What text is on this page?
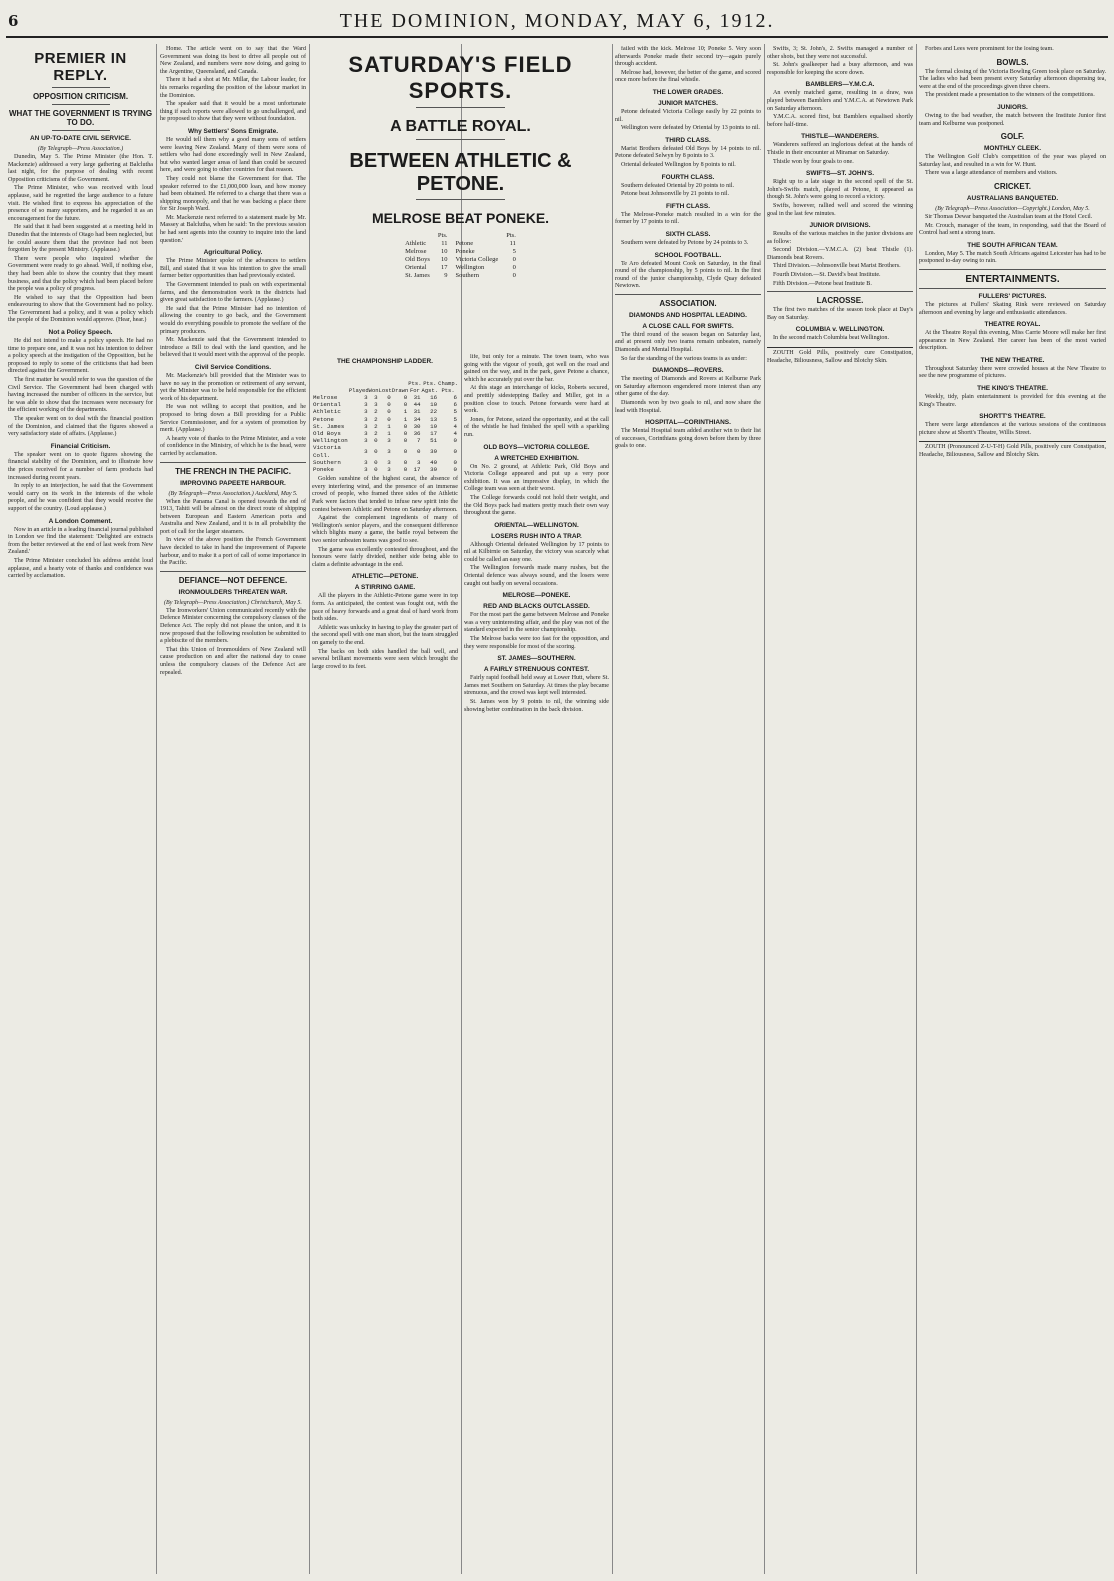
6	THE DOMINION, MONDAY, MAY 6, 1912.
PREMIER IN REPLY.
OPPOSITION CRITICISM.
WHAT THE GOVERNMENT IS TRYING TO DO.
AN UP-TO-DATE CIVIL SERVICE.
(By Telegraph—Press Association.)

Dunedin, May 5. The Prime Minister (the Hon. T. Mackenzie) addressed a very large gathering at Balclutha last night, for the purpose of dealing with recent Opposition criticisms of the Government.

The Prime Minister, who was received with loud applause, said he regretted the large audience to a future visit. He wished first to express his appreciation of the presence of so many supporters, and he regarded it as an encouragement for the future.

He said that it had been suggested at a meeting held in Dunedin that the interests of Otago had been neglected, but he could assure them that the province had not been forgotten by the present Ministry. (Applause.)

There were people who inquired whether the Government were ready to go ahead. Well, if nothing else, they had been able to show the country that they meant business, and that the policy which had been placed before the people was a policy of progress.

He wished to say that the Opposition had been endeavouring to show that the Government had no policy. The Government had a policy, and it was a policy which the people of the Dominion would approve. (Hear, hear.)

Not a Policy Speech.

He did not intend to make a policy speech. He had no time to prepare one, and it was not his intention to deliver a policy speech at the instigation of the Opposition, but he proposed to reply to some of the criticisms that had been directed against the Government.

The first matter he would refer to was the question of the Civil Service. The Government had been charged with having increased the number of officers in the service, but he was able to show that the increases were necessary for the efficient working of the departments.

The speaker went on to deal with the financial position of the Dominion, and claimed that the figures showed a very satisfactory state of affairs. (Applause.)

Financial Criticism.

The speaker went on to quote figures showing the financial stability of the Dominion, and to illustrate how the prices received for a number of farm products had increased during recent years.

In reply to an interjection, he said that the Government would carry on its work in the interests of the whole people, and he was confident that they would receive the support of the country. (Loud applause.)

A London Comment.

Now in an article in a leading financial journal published in London we find the statement: 'Delighted are extracts from the better reviewed at the end of last week from New Zealand.'

The Prime Minister concluded his address amidst loud applause, and a hearty vote of thanks and confidence was carried by acclamation.

Home. The article went on to say that the Ward Government was doing its best to drive all people out of New Zealand, and numbers were now doing, and going to the Argentine, Queensland, and Canada.

There it had a shot at Mr. Millar, the Labour leader, for his remarks regarding the position of the labour market in the Dominion.

The speaker said that it would be a most unfortunate thing if such reports were allowed to go unchallenged, and he proposed to show that they were without foundation.

Why Settlers' Sons Emigrate.

He would tell them why a good many sons of settlers were leaving New Zealand. Many of them were sons of settlers who had done exceedingly well in New Zealand, but who wanted larger areas of land than could be secured here, and were going to other countries for that reason.

They could not blame the Government for that. The speaker referred to the £1,000,000 loan, and how money had been obtained. He referred to a charge that there was a shipping monopoly, and that he was backing a place there for Sir Joseph Ward.

Mr. Mackenzie next referred to a statement made by Mr. Massey at Balclutha, when he said: 'In the previous session he had sent agents into the country to inquire into the land question.'

Agricultural Policy.

The Prime Minister spoke of the advances to settlers Bill, and stated that it was his intention to give the small farmer better opportunities than had previously existed.

The Government intended to push on with experimental farms, and the demonstration work in the districts had given great satisfaction to the farmers. (Applause.)

He said that the Prime Minister had no intention of allowing the country to go back, and the Government would do everything possible to promote the welfare of the primary producers.

Mr. Mackenzie said that the Government intended to introduce a Bill to deal with the land question, and he believed that it would meet with the approval of the people.

Civil Service Conditions.

Mr. Mackenzie's bill provided that the Minister was to have no say in the promotion or retirement of any servant, yet the Minister was to be held responsible for the efficient work of his department.

He was not willing to accept that position, and he proposed to bring down a Bill providing for a Public Service Commissioner, and for a system of promotion by merit. (Applause.)

A hearty vote of thanks to the Prime Minister, and a vote of confidence in the Ministry, of which he is the head, were carried by acclamation.

THE FRENCH IN THE PACIFIC.
IMPROVING PAPEETE HARBOUR.
(By Telegraph—Press Association.) Auckland, May 5.

When the Panama Canal is opened towards the end of 1913, Tahiti will be almost on the direct route of shipping between European and Eastern American ports and Australia and New Zealand, and it is in all probability the port of call for the larger steamers.

In view of the above position the French Government have decided to take in hand the improvement of Papeete harbour, and to make it a port of call of some importance in the Pacific.

DEFIANCE—NOT DEFENCE.
IRONMOULDERS THREATEN WAR.
(By Telegraph—Press Association.) Christchurch, May 5.

The Ironworkers' Union communicated recently with the Defence Minister concerning the compulsory clauses of the Defence Act. The reply did not please the union, and it is now proposed that the following resolution be submitted to a plebiscite of the members.

That this Union of Ironmoulders of New Zealand will cause production on and after the national day to cease unless the compulsory clauses of the Defence Act are repealed.

SATURDAY'S FIELD SPORTS.
A BATTLE ROYAL.
BETWEEN ATHLETIC & PETONE.
MELROSE BEAT PONEKE.
	Pts.		Pts.
Athletic	11	Petone	11
Melrose	10	Poneke	5
Old Boys	10	Victoria College	0
Oriental	17	Wellington	0
St. James	9	Southern	0
THE CHAMPIONSHIP LADDER.
	Played	Won	Lost	Drawn	Pts. For	Pts. Agst.	Champ. Pts.
Melrose	3	3	0	0	31	16	6
Oriental	3	3	0	0	44	10	6
Athletic	3	2	0	1	31	22	5
Petone	3	2	0	1	34	13	5
St. James	3	2	1	0	30	19	4
Old Boys	3	2	1	0	36	17	4
Wellington	3	0	3	0	7	51	0
Victoria Coll.	3	0	3	0	0	39	0
Southern	3	0	3	0	3	49	0
Poneke	3	0	3	0	17	39	0

Golden sunshine of the highest carat, the absence of every interfering wind, and the presence of an immense crowd of people, who framed three sides of the Athletic Park were factors that tended to infuse new spirit into the contest between Athletic and Petone on Saturday afternoon.

Against the complement ingredients of many of Wellington's senior players, and the consequent difference which blights many a game, the battle royal between the two senior unbeaten teams was good to see.

The game was excellently contested throughout, and the honours were fairly divided, neither side being able to claim a definite advantage in the end.

ATHLETIC—PETONE.
A STIRRING GAME.

All the players in the Athletic-Petone game were in top form. As anticipated, the contest was fought out, with the pace of heavy forwards and a great deal of hard work from both sides.

Athletic was unlucky in having to play the greater part of the second spell with one man short, but the team struggled on gamely to the end.

The backs on both sides handled the ball well, and several brilliant movements were seen which brought the large crowd to its feet.

life, but only for a minute. The town team, who was going with the vigour of youth, got well on the road and gained on the way, and in the park, gave Petone a chance, which he accurately put over the bar.

At this stage an interchange of kicks, Roberts secured, and prettily sidestepping Bailey and Miller, got in a position close to touch. Petone forwards were hard at work.

Jones, for Petone, seized the opportunity, and at the call of the whistle he had finished the spell with a sparkling run.

OLD BOYS—VICTORIA COLLEGE.
A WRETCHED EXHIBITION.

On No. 2 ground, at Athletic Park, Old Boys and Victoria College appeared and put up a very poor exhibition. It was an impressive display, in which the College team was seen at their worst.

The College forwards could not hold their weight, and the Old Boys pack had matters pretty much their own way throughout the game.

ORIENTAL—WELLINGTON.
LOSERS RUSH INTO A TRAP.

Although Oriental defeated Wellington by 17 points to nil at Kilbirnie on Saturday, the victory was scarcely what could be called an easy one.

The Wellington forwards made many rushes, but the Oriental defence was always sound, and the losers were caught out badly on several occasions.

MELROSE—PONEKE.
RED AND BLACKS OUTCLASSED.

For the most part the game between Melrose and Poneke was a very uninteresting affair, and the play was not of the standard expected in the senior championship.

The Melrose backs were too fast for the opposition, and they were responsible for most of the scoring.

ST. JAMES—SOUTHERN.
A FAIRLY STRENUOUS CONTEST.

Fairly rapid football held sway at Lower Hutt, where St. James met Southern on Saturday. At times the play became strenuous, and the crowd was kept well interested.

St. James won by 9 points to nil, the winning side showing better combination in the back division.

failed with the kick. Melrose 10; Poneke 5. Very soon afterwards Poneke made their second try—again purely through accident.

Melrose had, however, the better of the game, and scored once more before the final whistle.

THE LOWER GRADES.
JUNIOR MATCHES.

Petone defeated Victoria College easily by 22 points to nil.

Wellington were defeated by Oriental by 13 points to nil.

THIRD CLASS.

Marist Brothers defeated Old Boys by 14 points to nil. Petone defeated Selwyn by 8 points to 3.

Oriental defeated Wellington by 8 points to nil.

FOURTH CLASS.

Southern defeated Oriental by 20 points to nil.

Petone beat Johnsonville by 21 points to nil.

FIFTH CLASS.

The Melrose-Poneke match resulted in a win for the former by 17 points to nil.

SIXTH CLASS.

Southern were defeated by Petone by 24 points to 3.

SCHOOL FOOTBALL.

Te Aro defeated Mount Cook on Saturday, in the final round of the championship, by 5 points to nil. In the first round of the junior championship, Clyde Quay defeated Newtown.

ASSOCIATION.
DIAMONDS AND HOSPITAL LEADING.
A CLOSE CALL FOR SWIFTS.

The third round of the season began on Saturday last, and at present only two teams remain unbeaten, namely Diamonds and Mental Hospital.

So far the standing of the various teams is as under:

DIAMONDS—ROVERS.

The meeting of Diamonds and Rovers at Kelburne Park on Saturday afternoon engendered more interest than any other game of the day.

Diamonds won by two goals to nil, and now share the lead with Hospital.

HOSPITAL—CORINTHIANS.

The Mental Hospital team added another win to their list of successes, Corinthians going down before them by three goals to one.

Swifts, 3; St. John's, 2. Swifts managed a number of other shots, but they were not successful.

St. John's goalkeeper had a busy afternoon, and was responsible for keeping the score down.

BAMBLERS—Y.M.C.A.

An evenly matched game, resulting in a draw, was played between Bamblers and Y.M.C.A. at Newtown Park on Saturday afternoon.

Y.M.C.A. scored first, but Bamblers equalised shortly before half-time.

THISTLE—WANDERERS.

Wanderers suffered an inglorious defeat at the hands of Thistle in their encounter at Miramar on Saturday.

Thistle won by four goals to one.

SWIFTS—ST. JOHN'S.

Right up to a late stage in the second spell of the St. John's-Swifts match, played at Petone, it appeared as though St. John's were going to record a victory.

Swifts, however, rallied well and scored the winning goal in the last few minutes.

JUNIOR DIVISIONS.

Results of the various matches in the junior divisions are as follow:

Second Division.—Y.M.C.A. (2) beat Thistle (1). Diamonds beat Rovers.

Third Division.—Johnsonville beat Marist Brothers.

Fourth Division.—St. David's beat Institute.

Fifth Division.—Petone beat Institute B.

LACROSSE.

The first two matches of the season took place at Day's Bay on Saturday.

COLUMBIA v. WELLINGTON.

In the second match Columbia beat Wellington.

ZOUTH Gold Pills, positively cure Constipation, Headache, Biliousness, Sallow and Blotchy Skin.

Forbes and Lees were prominent for the losing team.

BOWLS.

The formal closing of the Victoria Bowling Green took place on Saturday. The ladies who had been present every Saturday afternoon dispensing tea, were at the end of the proceedings given three cheers.

The president made a presentation to the winners of the competitions.

JUNIORS.

Owing to the bad weather, the match between the Institute Junior first team and Kelburne was postponed.

GOLF.
MONTHLY CLEEK.

The Wellington Golf Club's competition of the year was played on Saturday last, and resulted in a win for W. Hunt.

There was a large attendance of members and visitors.

CRICKET.
AUSTRALIANS BANQUETED.
(By Telegraph—Press Association—Copyright.) London, May 5.

Sir Thomas Dewar banqueted the Australian team at the Hotel Cecil.

Mr. Crouch, manager of the team, in responding, said that the Board of Control had sent a strong team.

THE SOUTH AFRICAN TEAM.

London, May 5. The match South Africans against Leicester has had to be postponed to-day owing to rain.

ENTERTAINMENTS.
FULLERS' PICTURES.

The pictures at Fullers' Skating Rink were reviewed on Saturday afternoon and evening by large and enthusiastic attendances.

THEATRE ROYAL.

At the Theatre Royal this evening, Miss Carrie Moore will make her first appearance in New Zealand. Her career has been of the most varied description.

THE NEW THEATRE.

Throughout Saturday there were crowded houses at the New Theatre to see the new programme of pictures.

THE KING'S THEATRE.

Weekly, tidy, plain entertainment is provided for this evening at the King's Theatre.

SHORTT'S THEATRE.

There were large attendances at the various sessions of the continuous picture show at Shortt's Theatre, Willis Street.

ZOUTH (Pronounced Z-U-T-H) Gold Pills, positively cure Constipation, Headache, Biliousness, Sallow and Blotchy Skin.
